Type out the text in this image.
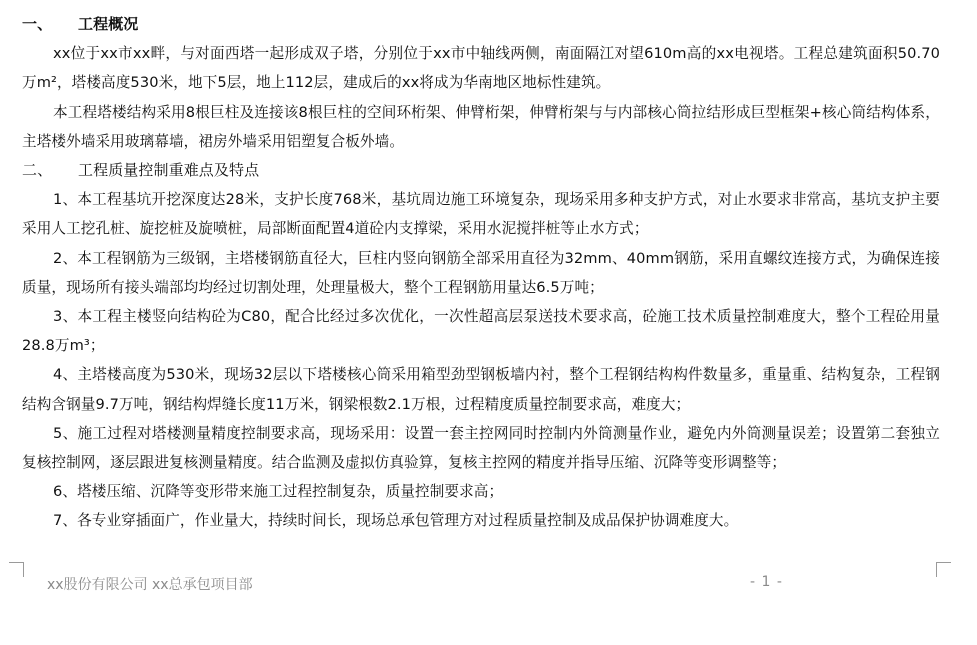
一、 工程概况

xx位于xx市xx畔，与对面西塔一起形成双子塔，分别位于xx市中轴线两侧，南面隔江对望610m高的xx电视塔。工程总建筑面积50.70万m²，塔楼高度530米，地下5层，地上112层，建成后的xx将成为华南地区地标性建筑。

本工程塔楼结构采用8根巨柱及连接该8根巨柱的空间环桁架、伸臂桁架，伸臂桁架与与内部核心筒拉结形成巨型框架+核心筒结构体系，主塔楼外墙采用玻璃幕墙，裙房外墙采用铝塑复合板外墙。

二、 工程质量控制重难点及特点

1、本工程基坑开挖深度达28米，支护长度768米，基坑周边施工环境复杂，现场采用多种支护方式，对止水要求非常高，基坑支护主要采用人工挖孔桩、旋挖桩及旋喷桩，局部断面配置4道砼内支撑梁，采用水泥搅拌桩等止水方式；

2、本工程钢筋为三级钢，主塔楼钢筋直径大，巨柱内竖向钢筋全部采用直径为32mm、40mm钢筋，采用直螺纹连接方式，为确保连接质量，现场所有接头端部均均经过切割处理，处理量极大，整个工程钢筋用量达6.5万吨；

3、本工程主楼竖向结构砼为C80，配合比经过多次优化，一次性超高层泵送技术要求高，砼施工技术质量控制难度大，整个工程砼用量28.8万m³；

4、主塔楼高度为530米，现场32层以下塔楼核心筒采用箱型劲型钢板墙内衬，整个工程钢结构构件数量多，重量重、结构复杂，工程钢结构含钢量9.7万吨，钢结构焊缝长度11万米，钢梁根数2.1万根，过程精度质量控制要求高，难度大；

5、施工过程对塔楼测量精度控制要求高，现场采用：设置一套主控网同时控制内外筒测量作业，避免内外筒测量误差；设置第二套独立复核控制网，逐层跟进复核测量精度。结合监测及虚拟仿真验算，复核主控网的精度并指导压缩、沉降等变形调整等；

6、塔楼压缩、沉降等变形带来施工过程控制复杂，质量控制要求高；

7、各专业穿插面广，作业量大，持续时间长，现场总承包管理方对过程质量控制及成品保护协调难度大。

xx股份有限公司 xx总承包项目部	- 1 -
